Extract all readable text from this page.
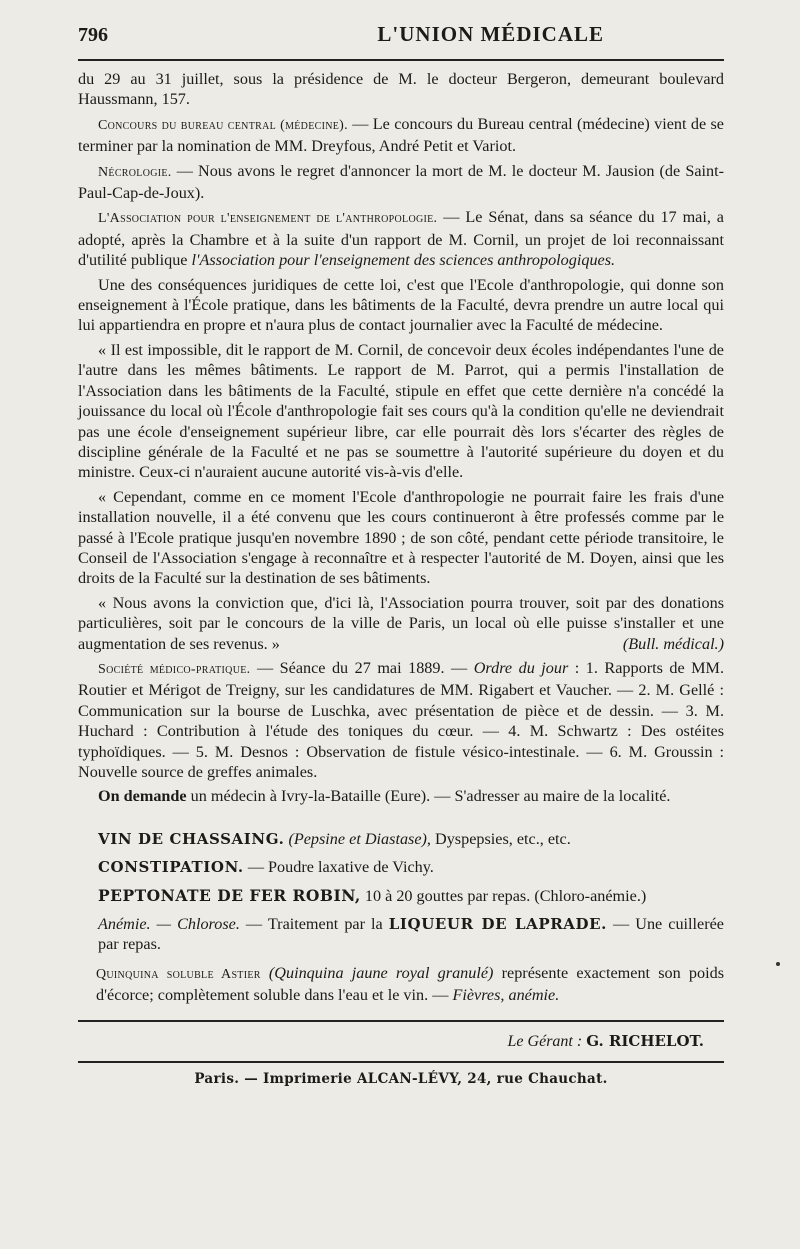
796	L'UNION MÉDICALE

du 29 au 31 juillet, sous la présidence de M. le docteur Bergeron, demeurant boulevard Haussmann, 157.

Concours du bureau central (médecine). — Le concours du Bureau central (médecine) vient de se terminer par la nomination de MM. Dreyfous, André Petit et Variot.

Nécrologie. — Nous avons le regret d'annoncer la mort de M. le docteur M. Jausion (de Saint-Paul-Cap-de-Joux).

L'Association pour l'enseignement de l'anthropologie. — Le Sénat, dans sa séance du 17 mai, a adopté, après la Chambre et à la suite d'un rapport de M. Cornil, un projet de loi reconnaissant d'utilité publique l'Association pour l'enseignement des sciences anthropologiques.

Une des conséquences juridiques de cette loi, c'est que l'Ecole d'anthropologie, qui donne son enseignement à l'École pratique, dans les bâtiments de la Faculté, devra prendre un autre local qui lui appartiendra en propre et n'aura plus de contact journalier avec la Faculté de médecine.

« Il est impossible, dit le rapport de M. Cornil, de concevoir deux écoles indépendantes l'une de l'autre dans les mêmes bâtiments. Le rapport de M. Parrot, qui a permis l'installation de l'Association dans les bâtiments de la Faculté, stipule en effet que cette dernière n'a concédé la jouissance du local où l'École d'anthropologie fait ses cours qu'à la condition qu'elle ne deviendrait pas une école d'enseignement supérieur libre, car elle pourrait dès lors s'écarter des règles de discipline générale de la Faculté et ne pas se soumettre à l'autorité supérieure du doyen et du ministre. Ceux-ci n'auraient aucune autorité vis-à-vis d'elle.

« Cependant, comme en ce moment l'Ecole d'anthropologie ne pourrait faire les frais d'une installation nouvelle, il a été convenu que les cours continueront à être professés comme par le passé à l'Ecole pratique jusqu'en novembre 1890 ; de son côté, pendant cette période transitoire, le Conseil de l'Association s'engage à reconnaître et à respecter l'autorité de M. Doyen, ainsi que les droits de la Faculté sur la destination de ses bâtiments.

« Nous avons la conviction que, d'ici là, l'Association pourra trouver, soit par des donations particulières, soit par le concours de la ville de Paris, un local où elle puisse s'installer et une augmentation de ses revenus. »	(Bull. médical.)

Société médico-pratique. — Séance du 27 mai 1889. — Ordre du jour : 1. Rapports de MM. Routier et Mérigot de Treigny, sur les candidatures de MM. Rigabert et Vaucher. — 2. M. Gellé : Communication sur la bourse de Luschka, avec présentation de pièce et de dessin. — 3. M. Huchard : Contribution à l'étude des toniques du cœur. — 4. M. Schwartz : Des ostéites typhoïdiques. — 5. M. Desnos : Observation de fistule vésico-intestinale. — 6. M. Groussin : Nouvelle source de greffes animales.

On demande un médecin à Ivry-la-Bataille (Eure). — S'adresser au maire de la localité.

VIN DE CHASSAING. (Pepsine et Diastase), Dyspepsies, etc., etc.

CONSTIPATION. — Poudre laxative de Vichy.

PEPTONATE DE FER ROBIN, 10 à 20 gouttes par repas. (Chloro-anémie.)

Anémie. — Chlorose. — Traitement par la LIQUEUR DE LAPRADE. — Une cuillerée par repas.

Quinquina soluble Astier (Quinquina jaune royal granulé) représente exactement son poids d'écorce; complètement soluble dans l'eau et le vin. — Fièvres, anémie.

Le Gérant : G. RICHELOT.
Paris. — Imprimerie ALCAN-LÉVY, 24, rue Chauchat.
